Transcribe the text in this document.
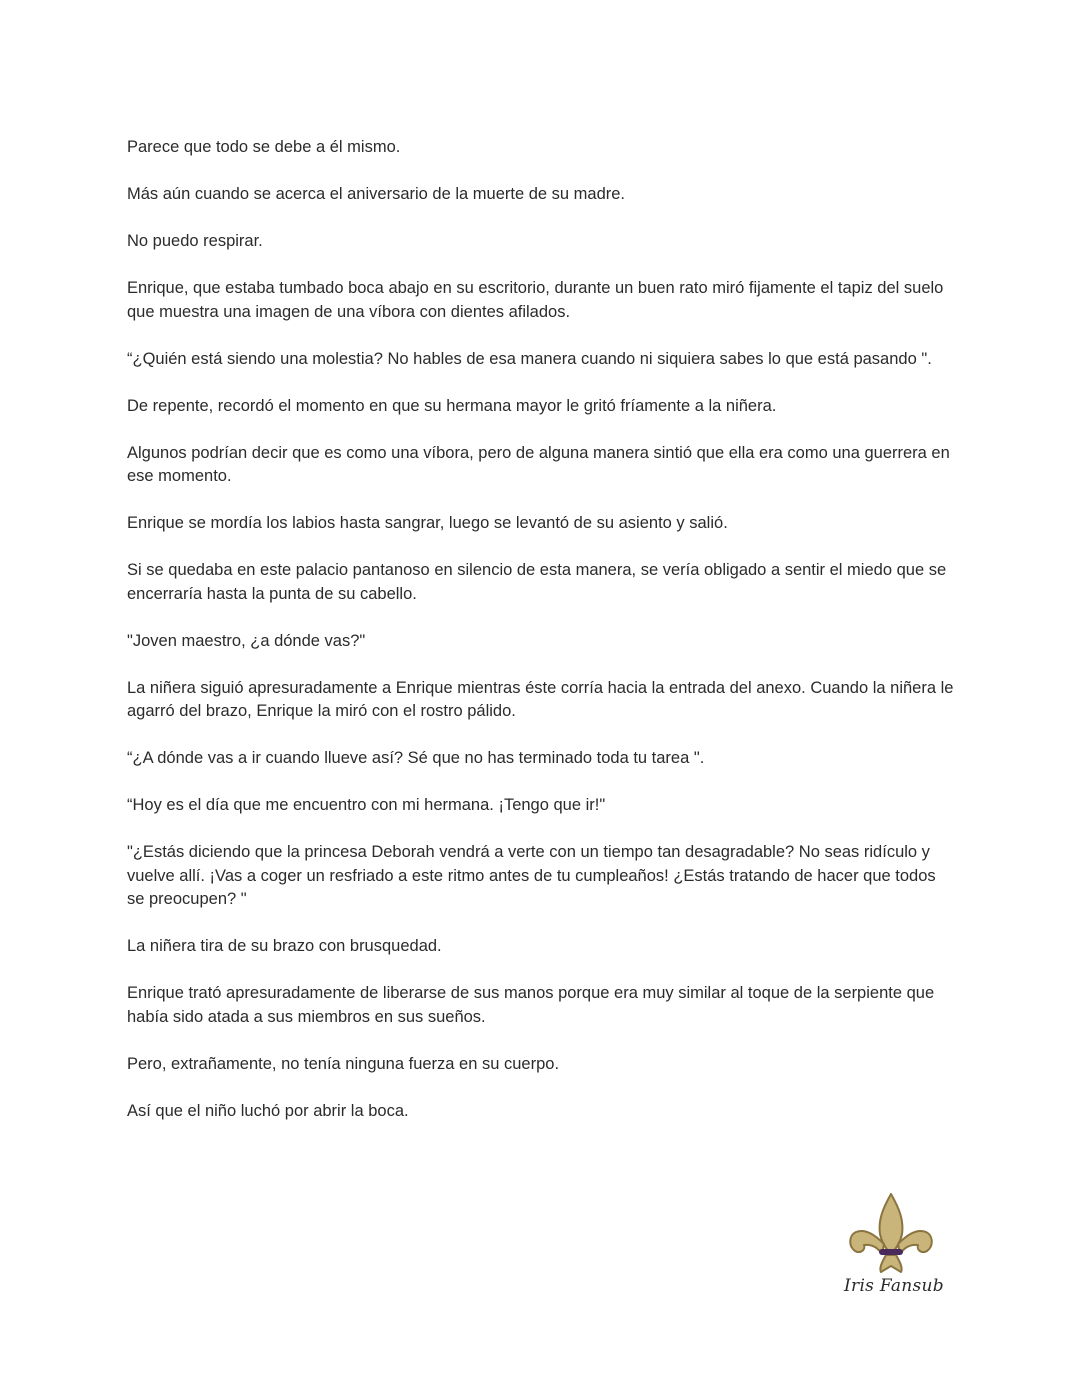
Parece que todo se debe a él mismo.

Más aún cuando se acerca el aniversario de la muerte de su madre.

No puedo respirar.

Enrique, que estaba tumbado boca abajo en su escritorio, durante un buen rato miró fijamente el tapiz del suelo que muestra una imagen de una víbora con dientes afilados.

“¿Quién está siendo una molestia? No hables de esa manera cuando ni siquiera sabes lo que está pasando ".

De repente, recordó el momento en que su hermana mayor le gritó fríamente a la niñera.

Algunos podrían decir que es como una víbora, pero de alguna manera sintió que ella era como una guerrera en ese momento.

Enrique se mordía los labios hasta sangrar, luego se levantó de su asiento y salió.

Si se quedaba en este palacio pantanoso en silencio de esta manera, se vería obligado a sentir el miedo que se encerraría hasta la punta de su cabello.

"Joven maestro, ¿a dónde vas?"

La niñera siguió apresuradamente a Enrique mientras éste corría hacia la entrada del anexo. Cuando la niñera le agarró del brazo, Enrique la miró con el rostro pálido.

“¿A dónde vas a ir cuando llueve así? Sé que no has terminado toda tu tarea ".

“Hoy es el día que me encuentro con mi hermana. ¡Tengo que ir!"

"¿Estás diciendo que la princesa Deborah vendrá a verte con un tiempo tan desagradable? No seas ridículo y vuelve allí. ¡Vas a coger un resfriado a este ritmo antes de tu cumpleaños! ¿Estás tratando de hacer que todos se preocupen? "

La niñera tira de su brazo con brusquedad.

Enrique trató apresuradamente de liberarse de sus manos porque era muy similar al toque de la serpiente que había sido atada a sus miembros en sus sueños.

Pero, extrañamente, no tenía ninguna fuerza en su cuerpo.

Así que el niño luchó por abrir la boca.

Iris Fansub
